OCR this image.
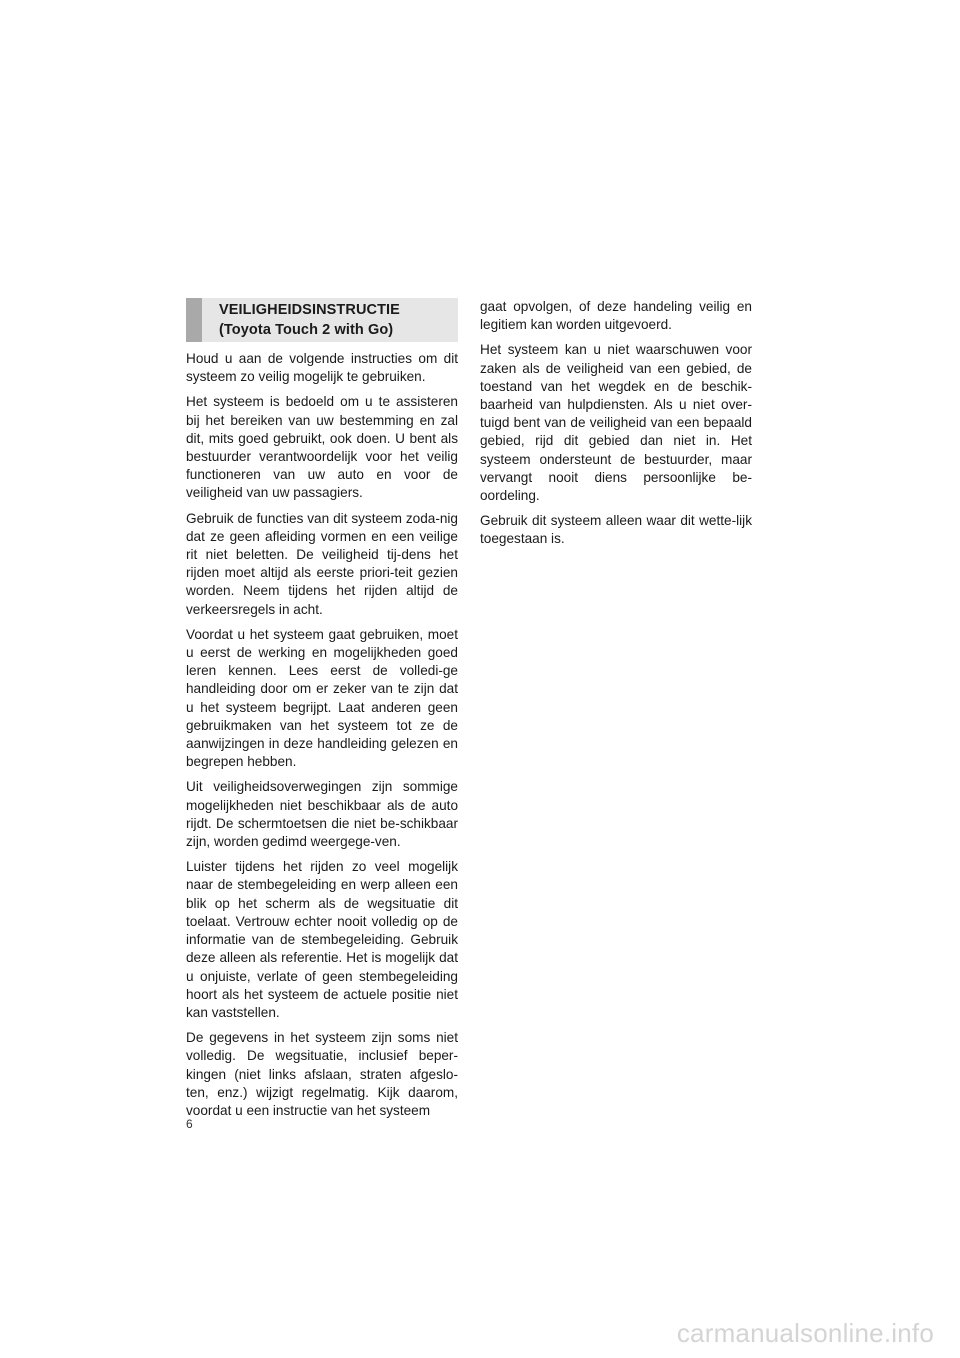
VEILIGHEIDSINSTRUCTIE
(Toyota Touch 2 with Go)

Houd u aan de volgende instructies om dit systeem zo veilig mogelijk te gebruiken.

Het systeem is bedoeld om u te assisteren bij het bereiken van uw bestemming en zal dit, mits goed gebruikt, ook doen. U bent als bestuurder verantwoordelijk voor het veilig functioneren van uw auto en voor de veiligheid van uw passagiers.

Gebruik de functies van dit systeem zoda-nig dat ze geen afleiding vormen en een veilige rit niet beletten. De veiligheid tij-dens het rijden moet altijd als eerste priori-teit gezien worden. Neem tijdens het rijden altijd de verkeersregels in acht.

Voordat u het systeem gaat gebruiken, moet u eerst de werking en mogelijkheden goed leren kennen. Lees eerst de volledi-ge handleiding door om er zeker van te zijn dat u het systeem begrijpt. Laat anderen geen gebruikmaken van het systeem tot ze de aanwijzingen in deze handleiding gelezen en begrepen hebben.

Uit veiligheidsoverwegingen zijn sommige mogelijkheden niet beschikbaar als de auto rijdt. De schermtoetsen die niet be-schikbaar zijn, worden gedimd weergege-ven.

Luister tijdens het rijden zo veel mogelijk naar de stembegeleiding en werp alleen een blik op het scherm als de wegsituatie dit toelaat. Vertrouw echter nooit volledig op de informatie van de stembegeleiding. Gebruik deze alleen als referentie. Het is mogelijk dat u onjuiste, verlate of geen stembegeleiding hoort als het systeem de actuele positie niet kan vaststellen.

De gegevens in het systeem zijn soms niet volledig. De wegsituatie, inclusief beper-kingen (niet links afslaan, straten afgeslo-ten, enz.) wijzigt regelmatig. Kijk daarom, voordat u een instructie van het systeem

gaat opvolgen, of deze handeling veilig en legitiem kan worden uitgevoerd.

Het systeem kan u niet waarschuwen voor zaken als de veiligheid van een gebied, de toestand van het wegdek en de beschik-baarheid van hulpdiensten. Als u niet over-tuigd bent van de veiligheid van een bepaald gebied, rijd dit gebied dan niet in. Het systeem ondersteunt de bestuurder, maar vervangt nooit diens persoonlijke be-oordeling.

Gebruik dit systeem alleen waar dit wette-lijk toegestaan is.

6
carmanualsonline.info
